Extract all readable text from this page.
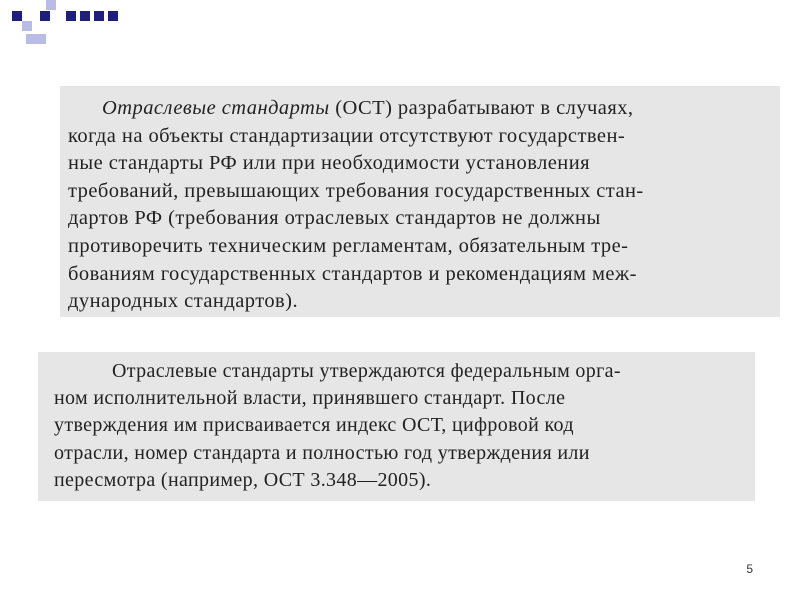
Отраслевые стандарты (ОСТ) разрабатывают в случаях,
когда на объекты стандартизации отсутствуют государствен-
ные стандарты РФ или при необходимости установления
требований, превышающих требования государственных стан-
дартов РФ (требования отраслевых стандартов не должны
противоречить техническим регламентам, обязательным тре-
бованиям государственных стандартов и рекомендациям меж-
дународных стандартов).
Отраслевые стандарты утверждаются федеральным орга-
ном исполнительной власти, принявшего стандарт. После
утверждения им присваивается индекс ОСТ, цифровой код
отрасли, номер стандарта и полностью год утверждения или
пересмотра (например, ОСТ 3.348—2005).
5
